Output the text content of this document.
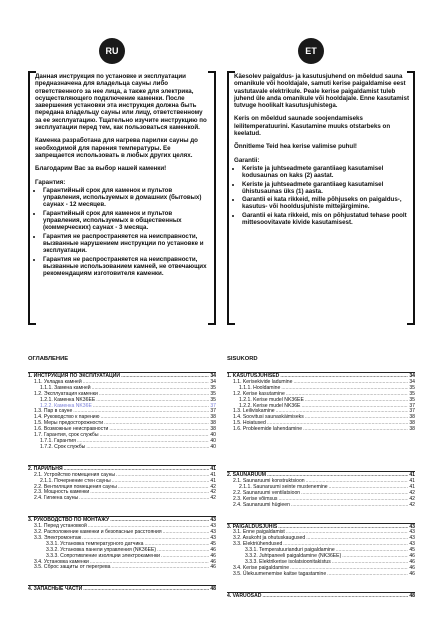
RU	ET

Данная инструкция по установке и эксплуатации предназначена для владельца сауны либо ответственного за нее лица, а также для электрика, осуществляющего подключение каменки. После завершения установки эта инструкция должна быть передана владельцу сауны или лицу, ответственному за ее эксплуатацию. Тщательно изучите инструкцию по эксплуатации перед тем, как пользоваться каменкой.

Каменка разработана для нагрева парилки сауны до необходимой для парения температуры. Ее запрещается использовать в любых других целях.

Благодарим Вас за выбор нашей каменки!

Гарантия:

• Гарантийный срок для каменок и пультов управления, используемых в домашних (бытовых) саунах - 12 месяцев.
• Гарантийный срок для каменок и пультов управления, используемых в общественных (коммерческих) саунах - 3 месяца.
• Гарантия не распространяется на неисправности, вызванные нарушением инструкции по установке и эксплуатации.
• Гарантия не распространяется на неисправности, вызванные использованием камней, не отвечающих рекомендациям изготовителя каменки.
ОГЛАВЛЕНИЕ
1. ИНСТРУКЦИЯ ПО ЭКСПЛУАТАЦИИ .....	34
1.1. Укладка камней .....	34
1.1.1. Замена камней .....	35
1.2. Эксплуатация каменки .....	35
1.2.1. Каменка NK36EE .....	35
1.2.2. Каменка NK36E .....	37
1.3. Пар в сауне .....	37
1.4. Руководство к парению .....	38
1.5. Меры предосторожности .....	38
1.6. Возможные неисправности .....	38
1.7. Гарантия, срок службы .....	40
1.7.1. Гарантия .....	40
1.7.2. Срок службы .....	40
2. ПАРИЛЬНЯ .....	41
2.1. Устройство помещения сауны .....	41
2.1.1. Почернение стен сауны .....	41
2.2. Вентиляция помещения сауны .....	42
2.3. Мощность каменки .....	42
2.4. Гигиена сауны .....	42
3. РУКОВОДСТВО ПО МОНТАЖУ .....	43
3.1. Перед установкой .....	43
3.2. Расположение каменки и безопасные расстояния .....	43
3.3. Электромонтаж .....	43
3.3.1. Установка температурного датчика .....	45
3.3.2. Установка панели управления (NK36EE) .....	46
3.3.3. Сопротивление изоляции электрокаменки .....	46
3.4. Установка каменки .....	46
3.5. Сброс защиты от перегрева .....	46
4. ЗАПАСНЫЕ ЧАСТИ .....	48

Käesolev paigaldus- ja kasutusjuhend on mõeldud sauna omanikule või hooldajale, samuti kerise paigaldamise eest vastutavale elektrikule. Peale kerise paigaldamist tuleb juhend üle anda omanikule või hooldajale. Enne kasutamist tutvuge hoolikalt kasutusjuhistega.

Keris on mõeldud saunade soojendamiseks leilitemperatuurini. Kasutamine muuks otstarbeks on keelatud.

Õnnitleme Teid hea kerise valimise puhul!

Garantii:

• Keriste ja juhtseadmete garantiiaeg kasutamisel kodusaunas on kaks (2) aastat.
• Keriste ja juhtseadmete garantiiaeg kasutamisel ühistusaunas üks (1) aasta.
• Garantii ei kata rikkeid, mille põhjuseks on paigaldus-, kasutus- või hooldusjuhiste mittejärgimine.
• Garantii ei kata rikkeid, mis on põhjustatud tehase poolt mittesoovitavate kivide kasutamisest.
SISUKORD
1. KASUTUSJUHISED .....	34
1.1. Kerisekivide ladumine .....	34
1.1.1. Hooldamine .....	35
1.2. Kerise kasutamine .....	35
1.2.1. Kerise mudel NK36EE .....	35
1.2.2. Kerise mudel NK36E .....	37
1.3. Leiliviskamine .....	37
1.4. Soovitusi saunaskäimiseks .....	38
1.5. Hoiatused .....	38
1.6. Probleemide lahendamine .....	38
2. SAUNARUUM .....	41
2.1. Saunaruumi konstruktsioon .....	41
2.1.1. Saunaruumi seinte mustenemine .....	41
2.2. Saunaruumi ventilatsioon .....	42
2.3. Kerise võimsus .....	42
2.4. Saunaruumi hügieen .....	42
3. PAIGALDUSJUHIS .....	43
3.1. Enne paigaldamist .....	43
3.2. Asukoht ja ohutuskaugused .....	43
3.3. Elektriühendused .....	43
3.3.1. Temperatuurianduri paigaldamine .....	45
3.3.2. Juhtpaneeli paigaldamine (NK36EE) .....	46
3.3.3. Elektrikerise isolatsioonitakistus .....	46
3.4. Kerise paigaldamine .....	46
3.5. Ülekuumenemise kaitse tagastamine .....	46
4. VARUOSAD .....	48
